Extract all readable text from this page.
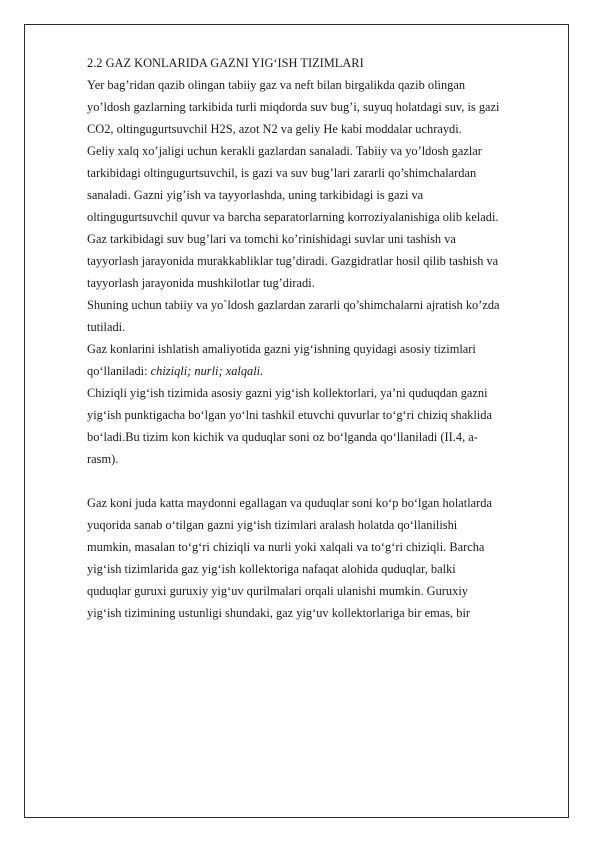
2.2 GAZ KONLARIDA GAZNI YIG‘ISH TIZIMLARI
Yer bag’ridan qazib olingan tabiiy gaz va neft bilan birgalikda qazib olingan
yo’ldosh gazlarning tarkibida turli miqdorda suv bug’i, suyuq holatdagi suv, is gazi
CO2, oltingugurtsuvchil H2S, azot N2 va geliy He kabi moddalar uchraydi.
Geliy xalq xo’jaligi uchun kerakli gazlardan sanaladi. Tabiiy va yo’ldosh gazlar
tarkibidagi oltingugurtsuvchil, is gazi va suv bug’lari zararli qo’shimchalardan
sanaladi. Gazni yig’ish va tayyorlashda, uning tarkibidagi is gazi va
oltingugurtsuvchil quvur va barcha separatorlarning korroziyalanishiga olib keladi.
Gaz tarkibidagi suv bug’lari va tomchi ko’rinishidagi suvlar uni tashish va
tayyorlash jarayonida murakkabliklar tug’diradi. Gazgidratlar hosil qilib tashish va
tayyorlash jarayonida mushkilotlar tug’diradi.
Shuning uchun tabiiy va yo`ldosh gazlardan zararli qo’shimchalarni ajratish ko’zda
tutiladi.
Gaz konlarini ishlatish amaliyotida gazni yig‘ishning quyidagi asosiy tizimlari
qo‘llaniladi: chiziqli; nurli; xalqali.
Chiziqli yig‘ish tizimida asosiy gazni yig‘ish kollektorlari, ya’ni quduqdan gazni
yig‘ish punktigacha bo‘lgan yo‘lni tashkil etuvchi quvurlar to‘g‘ri chiziq shaklida
bo‘ladi.Bu tizim kon kichik va quduqlar soni oz bo‘lganda qo‘llaniladi (II.4, a-
rasm).
Gaz koni juda katta maydonni egallagan va quduqlar soni ko‘p bo‘lgan holatlarda
yuqorida sanab o‘tilgan gazni yig‘ish tizimlari aralash holatda qo‘llanilishi
mumkin, masalan to‘g‘ri chiziqli va nurli yoki xalqali va to‘g‘ri chiziqli. Barcha
yig‘ish tizimlarida gaz yig‘ish kollektoriga nafaqat alohida quduqlar, balki
quduqlar guruxi guruxiy yig‘uv qurilmalari orqali ulanishi mumkin. Guruxiy
yig‘ish tizimining ustunligi shundaki, gaz yig‘uv kollektorlariga bir emas, bir
